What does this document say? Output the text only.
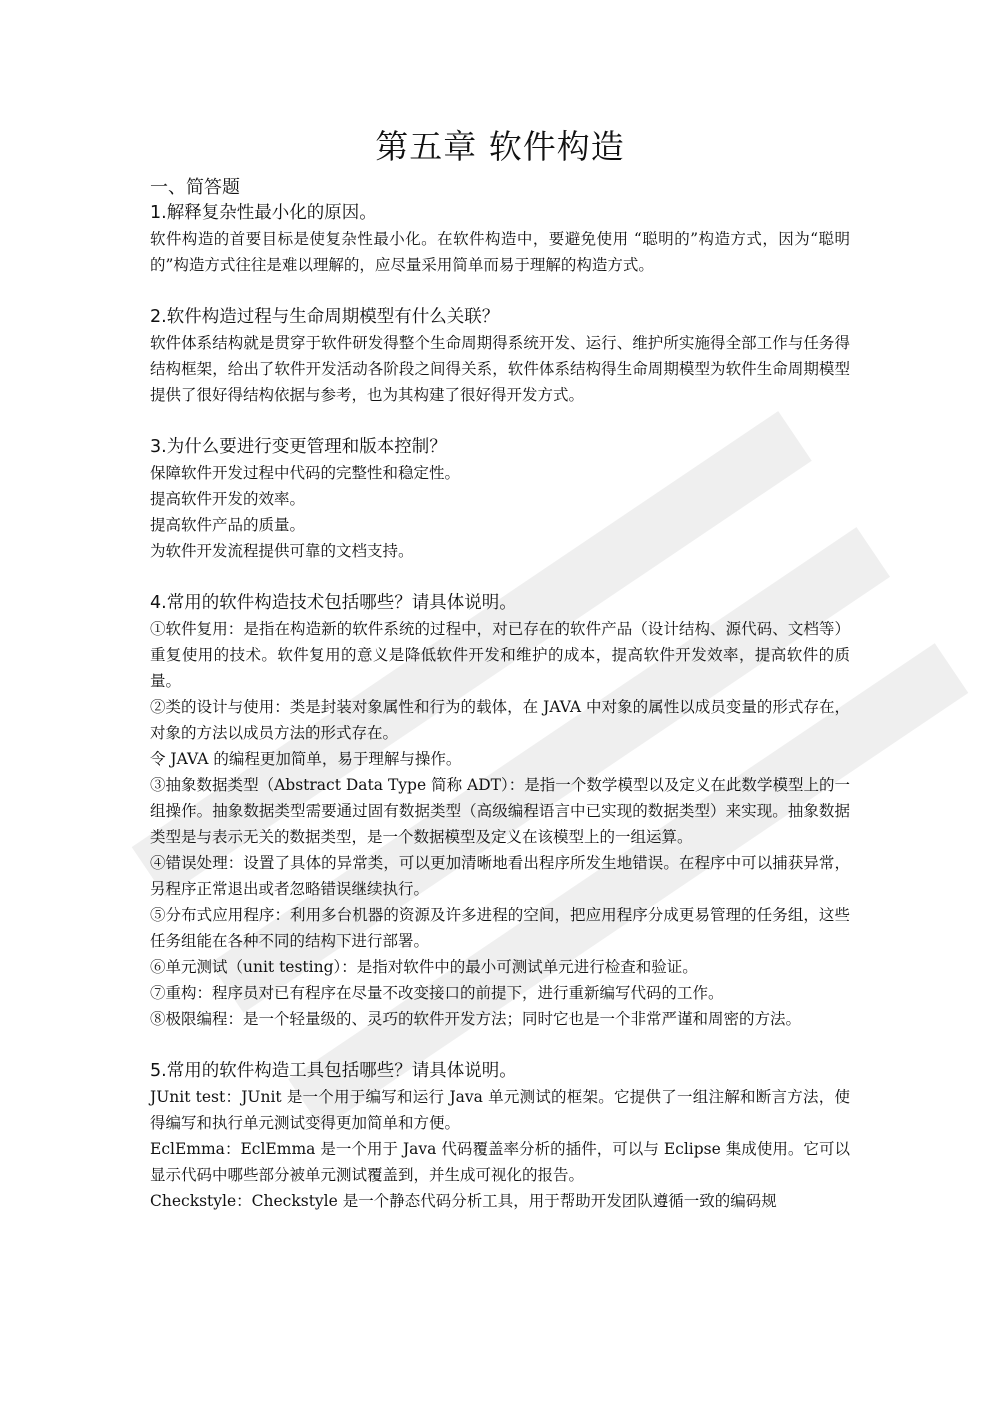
第五章 软件构造
一、简答题
1.解释复杂性最小化的原因。

软件构造的首要目标是使复杂性最小化。在软件构造中，要避免使用 “聪明的”构造方式，因为“聪明的”构造方式往往是难以理解的，应尽量采用简单而易于理解的构造方式。

2.软件构造过程与生命周期模型有什么关联？

软件体系结构就是贯穿于软件研发得整个生命周期得系统开发、运行、维护所实施得全部工作与任务得结构框架，给出了软件开发活动各阶段之间得关系，软件体系结构得生命周期模型为软件生命周期模型提供了很好得结构依据与参考，也为其构建了很好得开发方式。

3.为什么要进行变更管理和版本控制？

保障软件开发过程中代码的完整性和稳定性。

提高软件开发的效率。

提高软件产品的质量。

为软件开发流程提供可靠的文档支持。

4.常用的软件构造技术包括哪些？请具体说明。

①软件复用：是指在构造新的软件系统的过程中，对已存在的软件产品（设计结构、源代码、文档等）重复使用的技术。软件复用的意义是降低软件开发和维护的成本，提高软件开发效率，提高软件的质量。

②类的设计与使用：类是封装对象属性和行为的载体，在 JAVA 中对象的属性以成员变量的形式存在，对象的方法以成员方法的形式存在。

令 JAVA 的编程更加简单，易于理解与操作。

③抽象数据类型（Abstract Data Type 简称 ADT）：是指一个数学模型以及定义在此数学模型上的一组操作。抽象数据类型需要通过固有数据类型（高级编程语言中已实现的数据类型）来实现。抽象数据类型是与表示无关的数据类型，是一个数据模型及定义在该模型上的一组运算。

④错误处理：设置了具体的异常类，可以更加清晰地看出程序所发生地错误。在程序中可以捕获异常，另程序正常退出或者忽略错误继续执行。

⑤分布式应用程序：利用多台机器的资源及许多进程的空间，把应用程序分成更易管理的任务组，这些任务组能在各种不同的结构下进行部署。

⑥单元测试（unit testing）：是指对软件中的最小可测试单元进行检查和验证。

⑦重构：程序员对已有程序在尽量不改变接口的前提下，进行重新编写代码的工作。

⑧极限编程：是一个轻量级的、灵巧的软件开发方法；同时它也是一个非常严谨和周密的方法。

5.常用的软件构造工具包括哪些？请具体说明。

JUnit test：JUnit 是一个用于编写和运行 Java 单元测试的框架。它提供了一组注解和断言方法，使得编写和执行单元测试变得更加简单和方便。

EclEmma：EclEmma 是一个用于 Java 代码覆盖率分析的插件，可以与 Eclipse 集成使用。它可以显示代码中哪些部分被单元测试覆盖到，并生成可视化的报告。

Checkstyle：Checkstyle 是一个静态代码分析工具，用于帮助开发团队遵循一致的编码规
